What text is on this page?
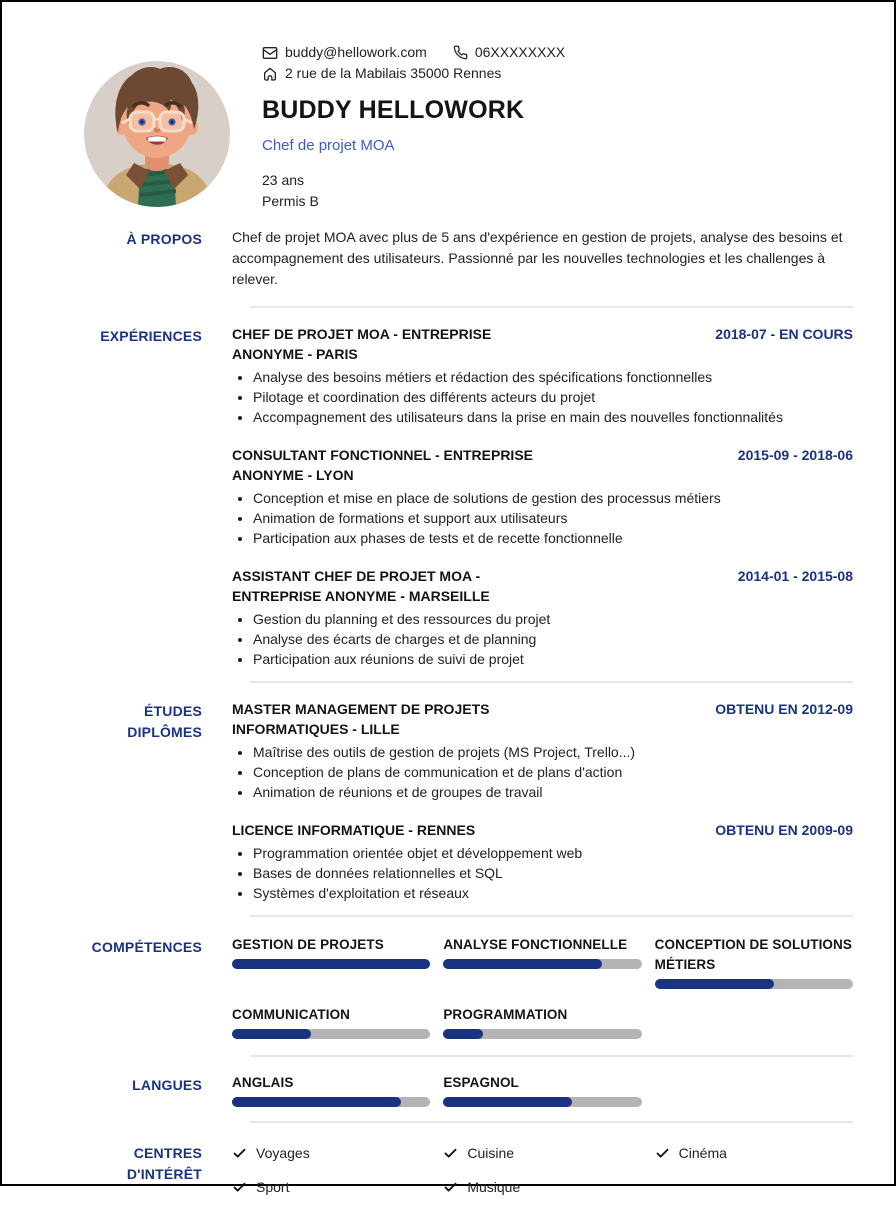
buddy@hellowork.com	06XXXXXXXX
2 rue de la Mabilais 35000 Rennes
BUDDY HELLOWORK
Chef de projet MOA
23 ans
Permis B
À PROPOS	Chef de projet MOA avec plus de 5 ans d'expérience en gestion de projets, analyse des besoins et accompagnement des utilisateurs. Passionné par les nouvelles technologies et les challenges à relever.
EXPÉRIENCES	CHEF DE PROJET MOA - ENTREPRISE ANONYME - PARIS
2018-07 - EN COURS
• Analyse des besoins métiers et rédaction des spécifications fonctionnelles
• Pilotage et coordination des différents acteurs du projet
• Accompagnement des utilisateurs dans la prise en main des nouvelles fonctionnalités
CONSULTANT FONCTIONNEL - ENTREPRISE ANONYME - LYON
2015-09 - 2018-06
• Conception et mise en place de solutions de gestion des processus métiers
• Animation de formations et support aux utilisateurs
• Participation aux phases de tests et de recette fonctionnelle
ASSISTANT CHEF DE PROJET MOA - ENTREPRISE ANONYME - MARSEILLE
2014-01 - 2015-08
• Gestion du planning et des ressources du projet
• Analyse des écarts de charges et de planning
• Participation aux réunions de suivi de projet
ÉTUDES
DIPLÔMES
MASTER MANAGEMENT DE PROJETS INFORMATIQUES - LILLE
OBTENU EN 2012-09
• Maîtrise des outils de gestion de projets (MS Project, Trello...)
• Conception de plans de communication et de plans d'action
• Animation de réunions et de groupes de travail
LICENCE INFORMATIQUE - RENNES	OBTENU EN 2009-09
• Programmation orientée objet et développement web
• Bases de données relationnelles et SQL
• Systèmes d'exploitation et réseaux
COMPÉTENCES	GESTION DE PROJETS	ANALYSE FONCTIONNELLE	CONCEPTION DE SOLUTIONS MÉTIERS
COMMUNICATION	PROGRAMMATION
LANGUES	ANGLAIS	ESPAGNOL
CENTRES
D'INTÉRÊT
Voyages	Cuisine	Cinéma
Sport	Musique
